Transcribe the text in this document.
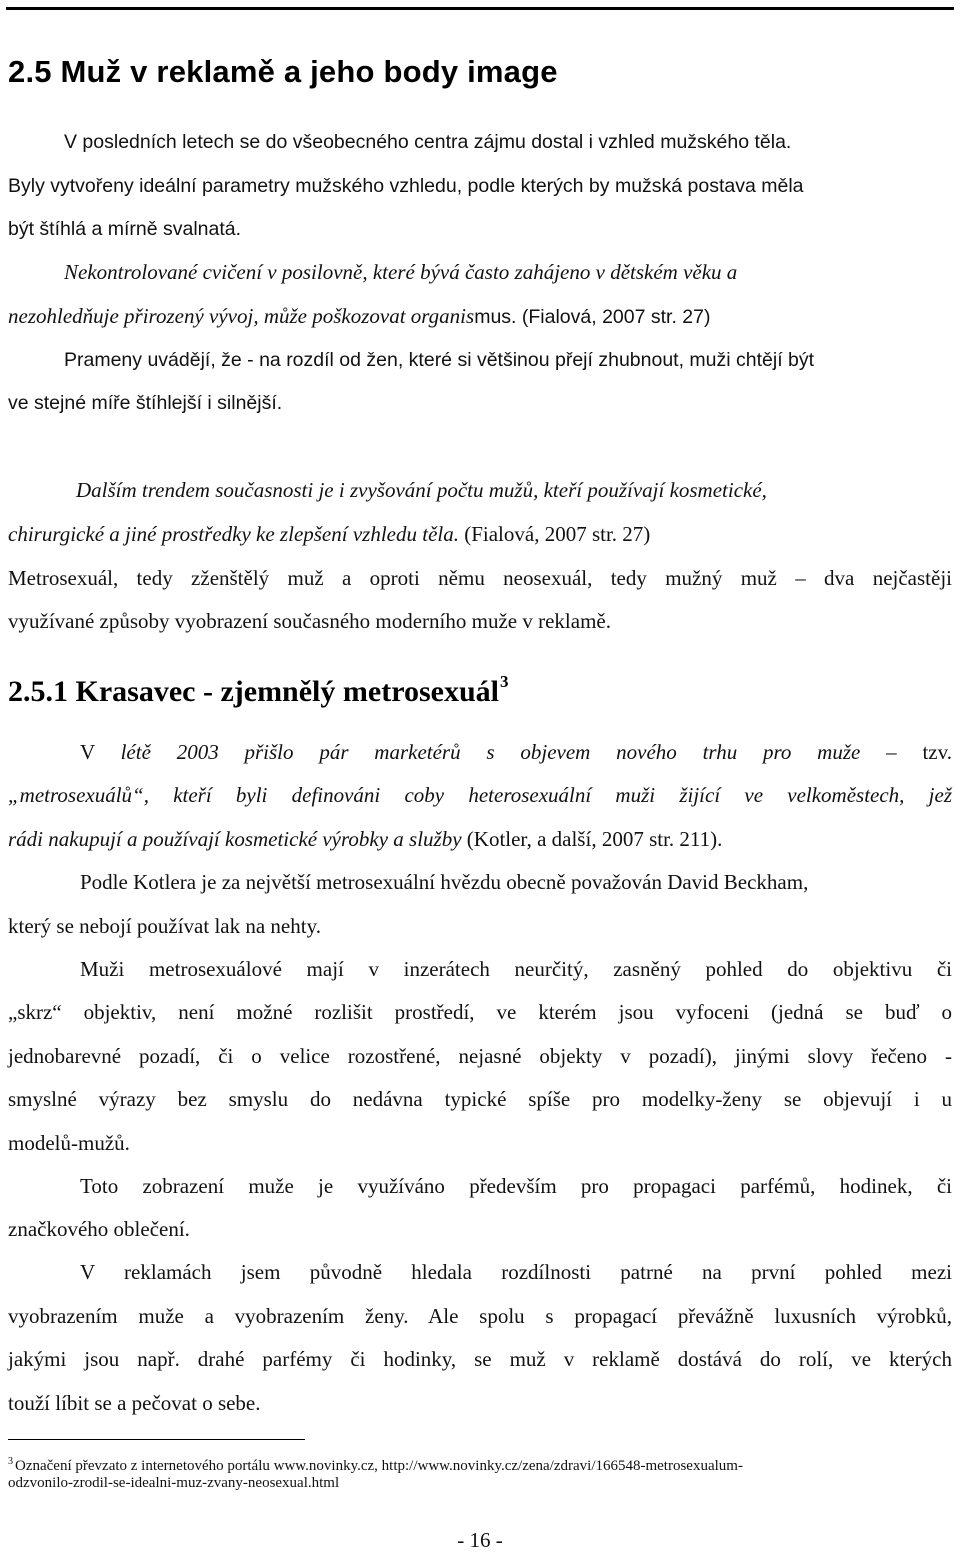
2.5 Muž v reklamě a jeho body image
V posledních letech se do všeobecného centra zájmu dostal i vzhled mužského těla.
Byly vytvořeny ideální parametry mužského vzhledu, podle kterých by mužská postava měla
být štíhlá a mírně svalnatá.
Nekontrolované cvičení v posilovně, které bývá často zahájeno v dětském věku a
nezohledňuje přirozený vývoj, může poškozovat organismus. (Fialová, 2007 str. 27)
Prameny uvádějí, že - na rozdíl od žen, které si většinou přejí zhubnout, muži chtějí být
ve stejné míře štíhlejší i silnější.
Dalším trendem současnosti je i zvyšování počtu mužů, kteří používají kosmetické,
chirurgické a jiné prostředky ke zlepšení vzhledu těla. (Fialová, 2007 str. 27)
Metrosexuál, tedy zženštělý muž a oproti němu neosexuál, tedy mužný muž – dva nejčastěji
využívané způsoby vyobrazení současného moderního muže v reklamě.
2.5.1 Krasavec - zjemnělý metrosexuál$^3$
V létě 2003 přišlo pár marketérů s objevem nového trhu pro muže – tzv.
„metrosexuálů“, kteří byli definováni coby heterosexuální muži žijící ve velkoměstech, jež
rádi nakupují a používají kosmetické výrobky a služby (Kotler, a další, 2007 str. 211).
Podle Kotlera je za největší metrosexuální hvězdu obecně považován David Beckham,
který se nebojí používat lak na nehty.
Muži metrosexuálové mají v inzerátech neurčitý, zasněný pohled do objektivu či
„skrz“ objektiv, není možné rozlišit prostředí, ve kterém jsou vyfoceni (jedná se buď o
jednobarevné pozadí, či o velice rozostřené, nejasné objekty v pozadí), jinými slovy řečeno -
smyslné výrazy bez smyslu do nedávna typické spíše pro modelky-ženy se objevují i u
modelů-mužů.
Toto zobrazení muže je využíváno především pro propagaci parfémů, hodinek, či
značkového oblečení.
V reklamách jsem původně hledala rozdílnosti patrné na první pohled mezi
vyobrazením muže a vyobrazením ženy. Ale spolu s propagací převážně luxusních výrobků,
jakými jsou např. drahé parfémy či hodinky, se muž v reklamě dostává do rolí, ve kterých
touží líbit se a pečovat o sebe.
$^3$ Označení převzato z internetového portálu www.novinky.cz, http://www.novinky.cz/zena/zdravi/166548-metrosexualum-
odzvonilo-zrodil-se-idealni-muz-zvany-neosexual.html
- 16 -
